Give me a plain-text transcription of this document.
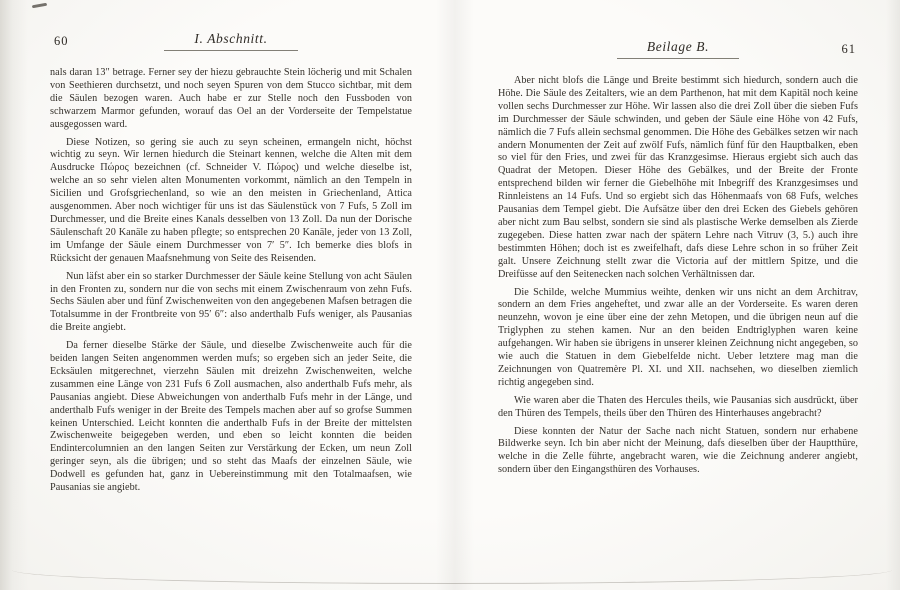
60	I. Abschnitt.

nals daran 13″ betrage. Ferner sey der hiezu gebrauchte Stein löcherig und mit Schalen von Seethieren durchsetzt, und noch seyen Spuren von dem Stucco sichtbar, mit dem die Säulen bezogen waren. Auch habe er zur Stelle noch den Fussboden von schwarzem Marmor gefunden, worauf das Oel an der Vorderseite der Tempelstatue ausgegossen ward.

Diese Notizen, so gering sie auch zu seyn scheinen, ermangeln nicht, höchst wichtig zu seyn. Wir lernen hiedurch die Steinart kennen, welche die Alten mit dem Ausdrucke Πώρος bezeichnen (cf. Schneider V. Πώρος) und welche dieselbe ist, welche an so sehr vielen alten Monumenten vorkommt, nämlich an den Tempeln in Sicilien und Grofsgriechenland, so wie an den meisten in Griechenland, Attica ausgenommen. Aber noch wichtiger für uns ist das Säulenstück von 7 Fufs, 5 Zoll im Durchmesser, und die Breite eines Kanals desselben von 13 Zoll. Da nun der Dorische Säulenschaft 20 Kanäle zu haben pflegte; so entsprechen 20 Kanäle, jeder von 13 Zoll, im Umfange der Säule einem Durchmesser von 7′ 5″. Ich bemerke dies blofs in Rücksicht der genauen Maafsnehmung von Seite des Reisenden.

Nun läfst aber ein so starker Durchmesser der Säule keine Stellung von acht Säulen in den Fronten zu, sondern nur die von sechs mit einem Zwischenraum von zehn Fufs. Sechs Säulen aber und fünf Zwischenweiten von den angegebenen Mafsen betragen die Totalsumme in der Frontbreite von 95′ 6″: also anderthalb Fufs weniger, als Pausanias die Breite angiebt.

Da ferner dieselbe Stärke der Säule, und dieselbe Zwischenweite auch für die beiden langen Seiten angenommen werden mufs; so ergeben sich an jeder Seite, die Ecksäulen mitgerechnet, vierzehn Säulen mit dreizehn Zwischenweiten, welche zusammen eine Länge von 231 Fufs 6 Zoll ausmachen, also anderthalb Fufs mehr, als Pausanias angiebt. Diese Abweichungen von anderthalb Fufs mehr in der Länge, und anderthalb Fufs weniger in der Breite des Tempels machen aber auf so grofse Summen keinen Unterschied. Leicht konnten die anderthalb Fufs in der Breite der mittelsten Zwischenweite beigegeben werden, und eben so leicht konnten die beiden Endintercolumnien an den langen Seiten zur Verstärkung der Ecken, um neun Zoll geringer seyn, als die übrigen; und so steht das Maafs der einzelnen Säule, wie Dodwell es gefunden hat, ganz in Uebereinstimmung mit den Totalmaafsen, wie Pausanias sie angiebt.

Beilage B.	61

Aber nicht blofs die Länge und Breite bestimmt sich hiedurch, sondern auch die Höhe. Die Säule des Zeitalters, wie an dem Parthenon, hat mit dem Kapitäl noch keine vollen sechs Durchmesser zur Höhe. Wir lassen also die drei Zoll über die sieben Fufs im Durchmesser der Säule schwinden, und geben der Säule eine Höhe von 42 Fufs, nämlich die 7 Fufs allein sechsmal genommen. Die Höhe des Gebälkes setzen wir nach andern Monumenten der Zeit auf zwölf Fufs, nämlich fünf für den Hauptbalken, eben so viel für den Fries, und zwei für das Kranzgesimse. Hieraus ergiebt sich auch das Quadrat der Metopen. Dieser Höhe des Gebälkes, und der Breite der Fronte entsprechend bilden wir ferner die Giebelhöhe mit Inbegriff des Kranzgesimses und Rinnleistens an 14 Fufs. Und so ergiebt sich das Höhenmaafs von 68 Fufs, welches Pausanias dem Tempel giebt. Die Aufsätze über den drei Ecken des Giebels gehören aber nicht zum Bau selbst, sondern sie sind als plastische Werke demselben als Zierde zugegeben. Diese hatten zwar nach der spätern Lehre nach Vitruv (3, 5.) auch ihre bestimmten Höhen; doch ist es zweifelhaft, dafs diese Lehre schon in so früher Zeit galt. Unsere Zeichnung stellt zwar die Victoria auf der mittlern Spitze, und die Dreifüsse auf den Seitenecken nach solchen Verhältnissen dar.

Die Schilde, welche Mummius weihte, denken wir uns nicht an dem Architrav, sondern an dem Fries angeheftet, und zwar alle an der Vorderseite. Es waren deren neunzehn, wovon je eine über eine der zehn Metopen, und die übrigen neun auf die Triglyphen zu stehen kamen. Nur an den beiden Endtriglyphen waren keine aufgehangen. Wir haben sie übrigens in unserer kleinen Zeichnung nicht angegeben, so wie auch die Statuen in dem Giebelfelde nicht. Ueber letztere mag man die Zeichnungen von Quatremère Pl. XI. und XII. nachsehen, wo dieselben ziemlich richtig angegeben sind.

Wie waren aber die Thaten des Hercules theils, wie Pausanias sich ausdrückt, über den Thüren des Tempels, theils über den Thüren des Hinterhauses angebracht?

Diese konnten der Natur der Sache nach nicht Statuen, sondern nur erhabene Bildwerke seyn. Ich bin aber nicht der Meinung, dafs dieselben über der Hauptthüre, welche in die Zelle führte, angebracht waren, wie die Zeichnung anderer angiebt, sondern über den Eingangsthüren des Vorhauses.
